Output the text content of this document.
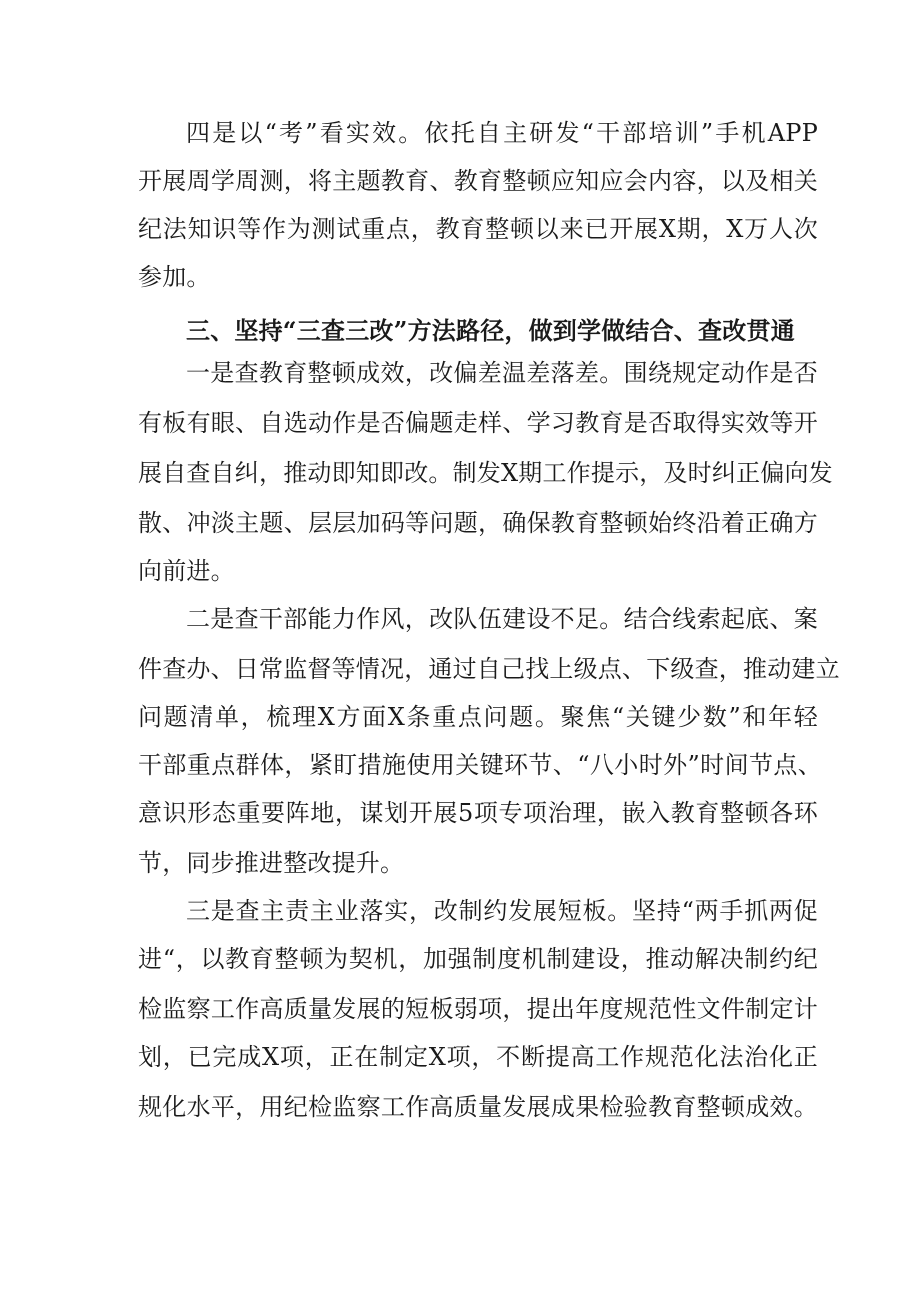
四是以“考”看实效。依托自主研发“干部培训”手机APP
开展周学周测，将主题教育、教育整顿应知应会内容，以及相关
纪法知识等作为测试重点，教育整顿以来已开展X期，X万人次
参加。
三、坚持“三查三改”方法路径，做到学做结合、查改贯通
一是查教育整顿成效，改偏差温差落差。围绕规定动作是否
有板有眼、自选动作是否偏题走样、学习教育是否取得实效等开
展自查自纠，推动即知即改。制发X期工作提示，及时纠正偏向发
散、冲淡主题、层层加码等问题，确保教育整顿始终沿着正确方
向前进。
二是查干部能力作风，改队伍建设不足。结合线索起底、案
件查办、日常监督等情况，通过自己找上级点、下级查，推动建立
问题清单，梳理X方面X条重点问题。聚焦“关键少数”和年轻
干部重点群体，紧盯措施使用关键环节、“八小时外”时间节点、
意识形态重要阵地，谋划开展5项专项治理，嵌入教育整顿各环
节，同步推进整改提升。
三是查主责主业落实，改制约发展短板。坚持“两手抓两促
进“，以教育整顿为契机，加强制度机制建设，推动解决制约纪
检监察工作高质量发展的短板弱项，提出年度规范性文件制定计
划，已完成X项，正在制定X项，不断提高工作规范化法治化正
规化水平，用纪检监察工作高质量发展成果检验教育整顿成效。
